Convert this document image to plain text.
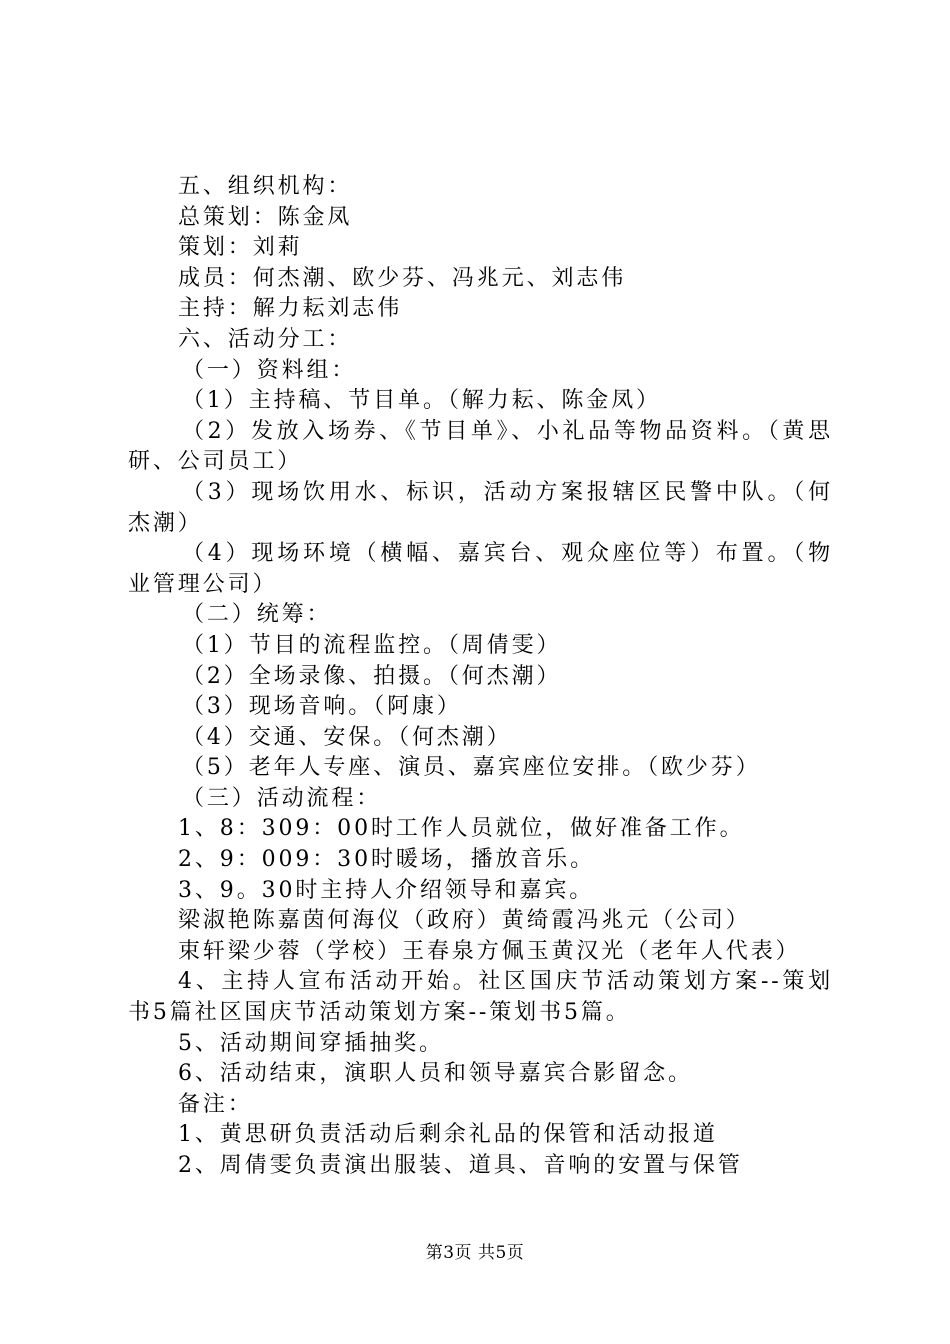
五、组织机构：
总策划：陈金凤
策划：刘莉
成员：何杰潮、欧少芬、冯兆元、刘志伟
主持：解力耘刘志伟
六、活动分工：
（一）资料组：
（1）主持稿、节目单。（解力耘、陈金凤）
（2）发放入场券、《节目单》、小礼品等物品资料。（黄思研、公司员工）
（3）现场饮用水、标识，活动方案报辖区民警中队。（何杰潮）
（4）现场环境（横幅、嘉宾台、观众座位等）布置。（物业管理公司）
（二）统筹：
（1）节目的流程监控。（周倩雯）
（2）全场录像、拍摄。（何杰潮）
（3）现场音响。（阿康）
（4）交通、安保。（何杰潮）
（5）老年人专座、演员、嘉宾座位安排。（欧少芬）
（三）活动流程：
1、8：309：00时工作人员就位，做好准备工作。
2、9：009：30时暖场，播放音乐。
3、9。30时主持人介绍领导和嘉宾。
梁淑艳陈嘉茵何海仪（政府）黄绮霞冯兆元（公司）
束轩梁少蓉（学校）王春泉方佩玉黄汉光（老年人代表）
4、主持人宣布活动开始。社区国庆节活动策划方案--策划书5篇社区国庆节活动策划方案--策划书5篇。
5、活动期间穿插抽奖。
6、活动结束，演职人员和领导嘉宾合影留念。
备注：
1、黄思研负责活动后剩余礼品的保管和活动报道
2、周倩雯负责演出服装、道具、音响的安置与保管
第3页 共5页
